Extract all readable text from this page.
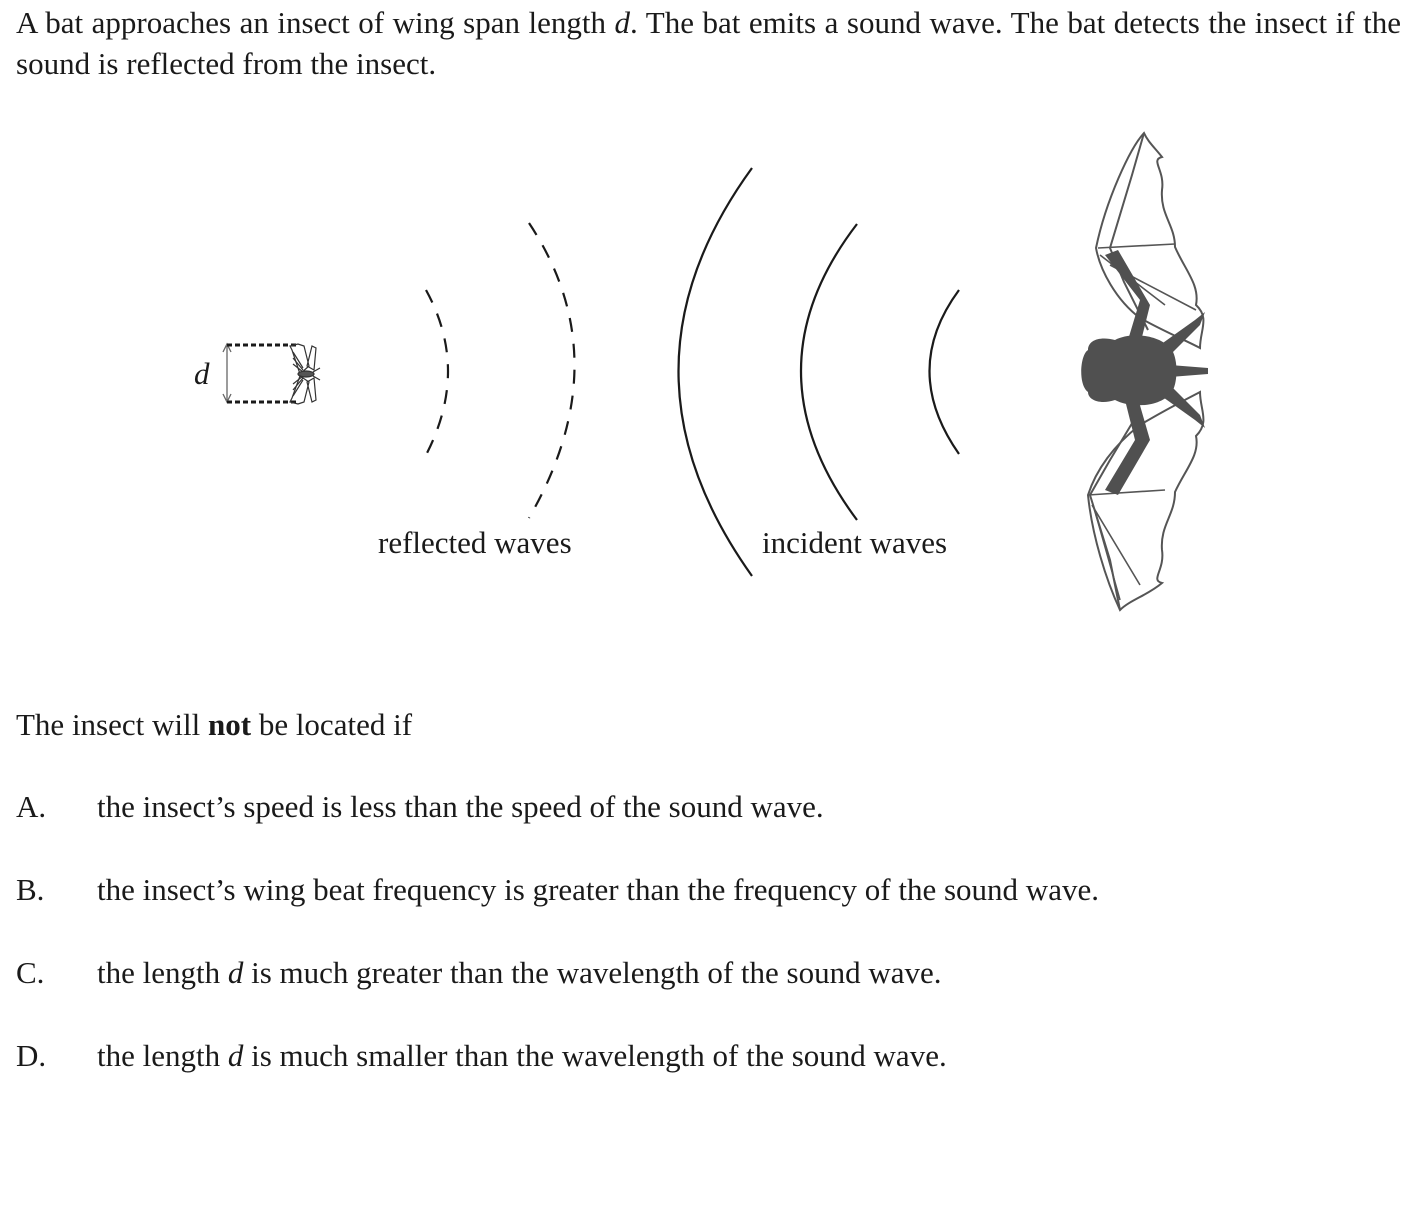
A bat approaches an insect of wing span length d. The bat emits a sound wave. The bat detects the insect if the sound is reflected from the insect.
d
reflected waves	incident waves
The insect will not be located if
A. the insect’s speed is less than the speed of the sound wave.
B. the insect’s wing beat frequency is greater than the frequency of the sound wave.
C. the length d is much greater than the wavelength of the sound wave.
D. the length d is much smaller than the wavelength of the sound wave.
